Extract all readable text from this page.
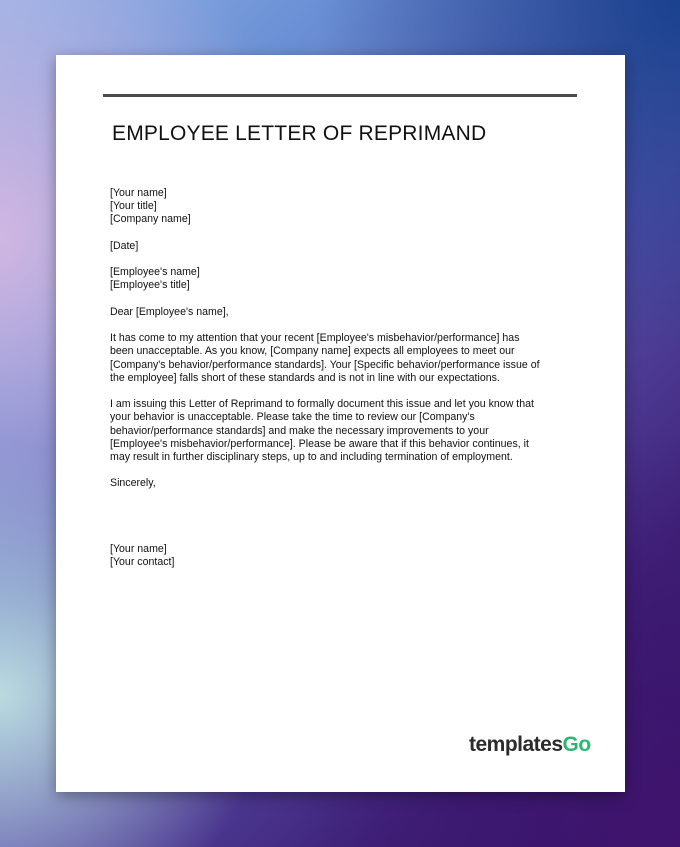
EMPLOYEE LETTER OF REPRIMAND
[Your name]
[Your title]
[Company name]
[Date]
[Employee's name]
[Employee's title]
Dear [Employee's name],
It has come to my attention that your recent [Employee's misbehavior/performance] has
been unacceptable. As you know, [Company name] expects all employees to meet our
[Company's behavior/performance standards]. Your [Specific behavior/performance issue of
the employee] falls short of these standards and is not in line with our expectations.
I am issuing this Letter of Reprimand to formally document this issue and let you know that
your behavior is unacceptable. Please take the time to review our [Company's
behavior/performance standards] and make the necessary improvements to your
[Employee's misbehavior/performance]. Please be aware that if this behavior continues, it
may result in further disciplinary steps, up to and including termination of employment.
Sincerely,
[Your name]
[Your contact]
templates Go
